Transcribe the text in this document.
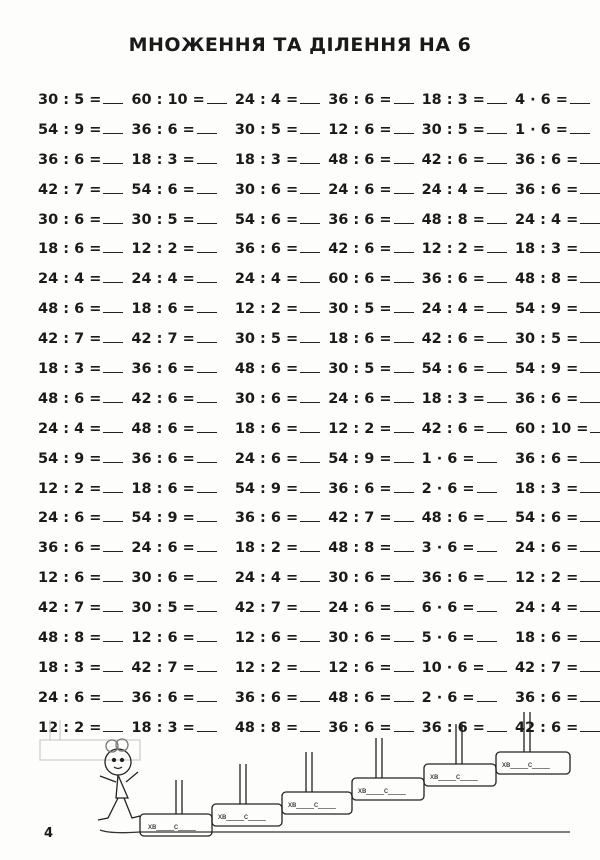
МНОЖЕННЯ ТА ДІЛЕННЯ НА 6
30 : 5 =	60 : 10 =	24 : 4 =	36 : 6 =	18 : 3 =	4 · 6 =
54 : 9 =	36 : 6 =	30 : 5 =	12 : 6 =	30 : 5 =	1 · 6 =
36 : 6 =	18 : 3 =	18 : 3 =	48 : 6 =	42 : 6 =	36 : 6 =
42 : 7 =	54 : 6 =	30 : 6 =	24 : 6 =	24 : 4 =	36 : 6 =
30 : 6 =	30 : 5 =	54 : 6 =	36 : 6 =	48 : 8 =	24 : 4 =
18 : 6 =	12 : 2 =	36 : 6 =	42 : 6 =	12 : 2 =	18 : 3 =
24 : 4 =	24 : 4 =	24 : 4 =	60 : 6 =	36 : 6 =	48 : 8 =
48 : 6 =	18 : 6 =	12 : 2 =	30 : 5 =	24 : 4 =	54 : 9 =
42 : 7 =	42 : 7 =	30 : 5 =	18 : 6 =	42 : 6 =	30 : 5 =
18 : 3 =	36 : 6 =	48 : 6 =	30 : 5 =	54 : 6 =	54 : 9 =
48 : 6 =	42 : 6 =	30 : 6 =	24 : 6 =	18 : 3 =	36 : 6 =
24 : 4 =	48 : 6 =	18 : 6 =	12 : 2 =	42 : 6 =	60 : 10 =
54 : 9 =	36 : 6 =	24 : 6 =	54 : 9 =	1 · 6 =	36 : 6 =
12 : 2 =	18 : 6 =	54 : 9 =	36 : 6 =	2 · 6 =	18 : 3 =
24 : 6 =	54 : 9 =	36 : 6 =	42 : 7 =	48 : 6 =	54 : 6 =
36 : 6 =	24 : 6 =	18 : 2 =	48 : 8 =	3 · 6 =	24 : 6 =
12 : 6 =	30 : 6 =	24 : 4 =	30 : 6 =	36 : 6 =	12 : 2 =
42 : 7 =	30 : 5 =	42 : 7 =	24 : 6 =	6 · 6 =	24 : 4 =
48 : 8 =	12 : 6 =	12 : 6 =	30 : 6 =	5 · 6 =	18 : 6 =
18 : 3 =	42 : 7 =	12 : 2 =	12 : 6 =	10 · 6 =	42 : 7 =
24 : 6 =	36 : 6 =	36 : 6 =	48 : 6 =	2 · 6 =	36 : 6 =
12 : 2 =	18 : 3 =	48 : 8 =	36 : 6 =	36 : 6 =	42 : 6 =
хв____с____
хв____с____
хв____с____
хв____с____
хв____с____
хв____с____
4
